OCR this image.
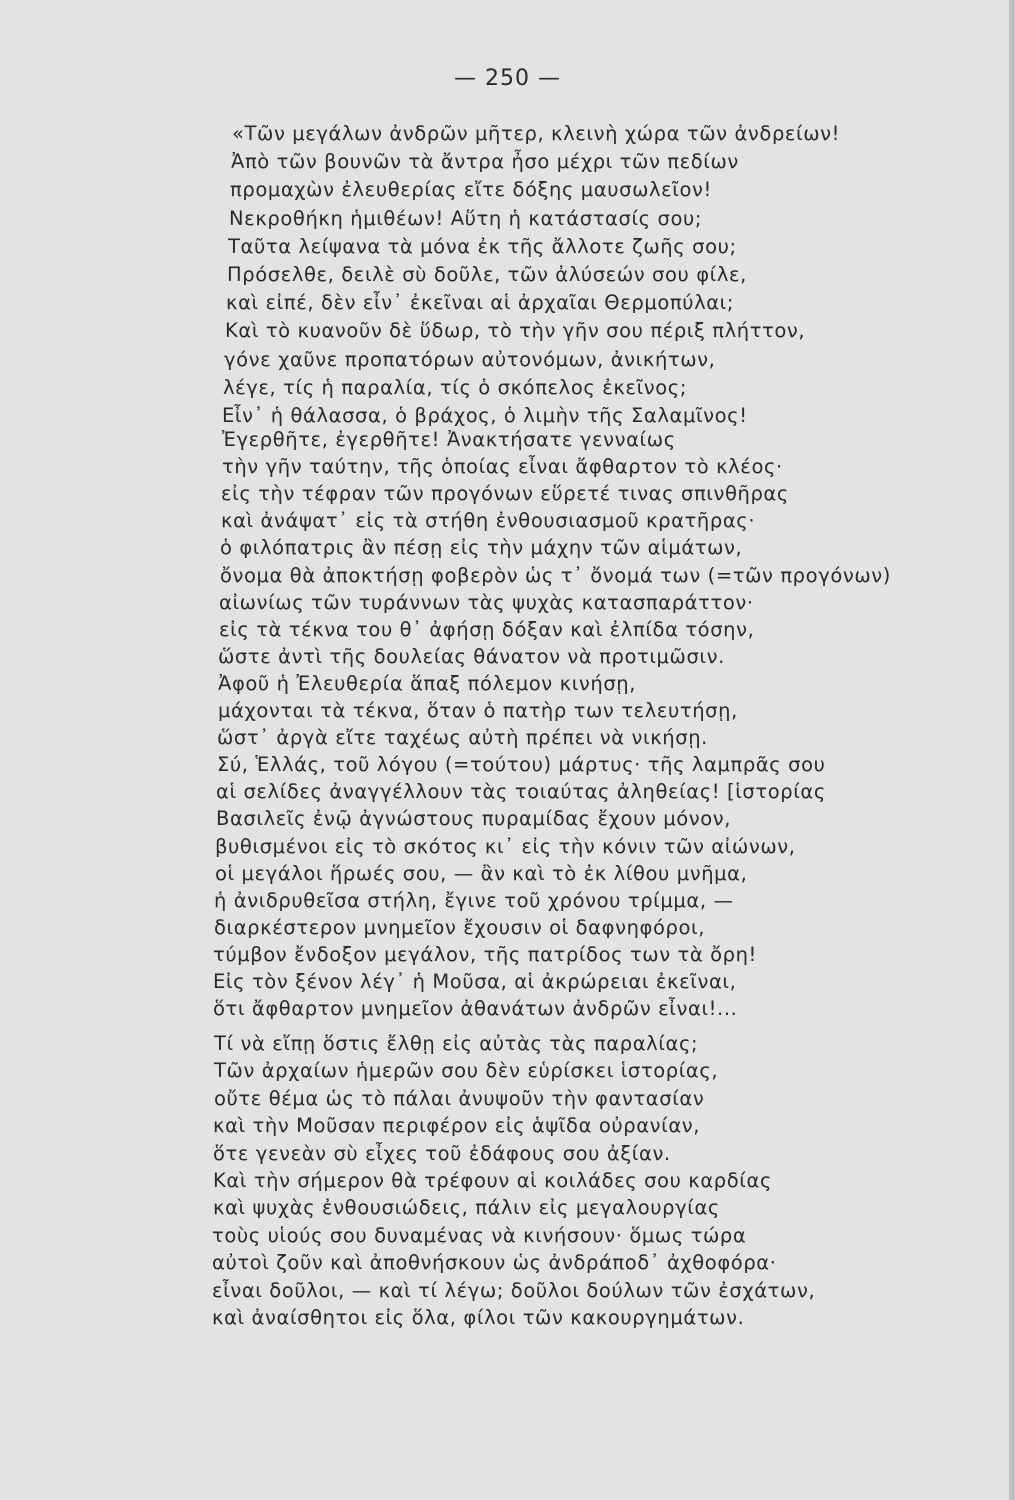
— 250 —
«Τῶν μεγάλων ἀνδρῶν μῆτερ, κλεινὴ χώρα τῶν ἀνδρείων!
Ἀπὸ τῶν βουνῶν τὰ ἄντρα ἦσο μέχρι τῶν πεδίων
προμαχὼν ἐλευθερίας εἴτε δόξης μαυσωλεῖον!
Νεκροθήκη ἡμιθέων! Αὕτη ἡ κατάστασίς σου;
Ταῦτα λείψανα τὰ μόνα ἐκ τῆς ἄλλοτε ζωῆς σου;
Πρόσελθε, δειλὲ σὺ δοῦλε, τῶν ἀλύσεών σου φίλε,
καὶ εἰπέ, δὲν εἶν᾽ ἐκεῖναι αἱ ἀρχαῖαι Θερμοπύλαι;
Καὶ τὸ κυανοῦν δὲ ὕδωρ, τὸ τὴν γῆν σου πέριξ πλήττον,
γόνε χαῦνε προπατόρων αὐτονόμων, ἀνικήτων,
λέγε, τίς ἡ παραλία, τίς ὁ σκόπελος ἐκεῖνος;
Εἶν᾽ ἡ θάλασσα, ὁ βράχος, ὁ λιμὴν τῆς Σαλαμῖνος!
Ἐγερθῆτε, ἐγερθῆτε! Ἀνακτήσατε γενναίως
τὴν γῆν ταύτην, τῆς ὁποίας εἶναι ἄφθαρτον τὸ κλέος·
εἰς τὴν τέφραν τῶν προγόνων εὕρετέ τινας σπινθῆρας
καὶ ἀνάψατ᾽ εἰς τὰ στήθη ἐνθουσιασμοῦ κρατῆρας·
ὁ φιλόπατρις ἂν πέσῃ εἰς τὴν μάχην τῶν αἱμάτων,
ὄνομα θὰ ἀποκτήσῃ φοβερὸν ὡς τ᾽ ὄνομά των (=τῶν προγόνων)
αἰωνίως τῶν τυράννων τὰς ψυχὰς κατασπαράττον·
εἰς τὰ τέκνα του θ᾽ ἀφήσῃ δόξαν καὶ ἐλπίδα τόσην,
ὥστε ἀντὶ τῆς δουλείας θάνατον νὰ προτιμῶσιν.
Ἀφοῦ ἡ Ἐλευθερία ἅπαξ πόλεμον κινήσῃ,
μάχονται τὰ τέκνα, ὅταν ὁ πατὴρ των τελευτήσῃ,
ὥστ᾽ ἀργὰ εἴτε ταχέως αὐτὴ πρέπει νὰ νικήσῃ.
Σύ, Ἑλλάς, τοῦ λόγου (=τούτου) μάρτυς· τῆς λαμπρᾶς σου
αἱ σελίδες ἀναγγέλλουν τὰς τοιαύτας ἀληθείας! [ἱστορίας
Βασιλεῖς ἐνῷ ἀγνώστους πυραμίδας ἔχουν μόνον,
βυθισμένοι εἰς τὸ σκότος κι᾽ εἰς τὴν κόνιν τῶν αἰώνων,
οἱ μεγάλοι ἥρωές σου, — ἂν καὶ τὸ ἐκ λίθου μνῆμα,
ἡ ἀνιδρυθεῖσα στήλη, ἔγινε τοῦ χρόνου τρίμμα, —
διαρκέστερον μνημεῖον ἔχουσιν οἱ δαφνηφόροι,
τύμβον ἔνδοξον μεγάλον, τῆς πατρίδος των τὰ ὄρη!
Εἰς τὸν ξένον λέγ᾽ ἡ Μοῦσα, αἱ ἀκρώρειαι ἐκεῖναι,
ὅτι ἄφθαρτον μνημεῖον ἀθανάτων ἀνδρῶν εἶναι!...
Τί νὰ εἴπῃ ὅστις ἔλθῃ εἰς αὐτὰς τὰς παραλίας;
Τῶν ἀρχαίων ἡμερῶν σου δὲν εὑρίσκει ἱστορίας,
οὔτε θέμα ὡς τὸ πάλαι ἀνυψοῦν τὴν φαντασίαν
καὶ τὴν Μοῦσαν περιφέρον εἰς ἁψῖδα οὐρανίαν,
ὅτε γενεὰν σὺ εἶχες τοῦ ἐδάφους σου ἀξίαν.
Καὶ τὴν σήμερον θὰ τρέφουν αἱ κοιλάδες σου καρδίας
καὶ ψυχὰς ἐνθουσιώδεις, πάλιν εἰς μεγαλουργίας
τοὺς υἱούς σου δυναμένας νὰ κινήσουν· ὅμως τώρα
αὐτοὶ ζοῦν καὶ ἀποθνήσκουν ὡς ἀνδράποδ᾽ ἀχθοφόρα·
εἶναι δοῦλοι, — καὶ τί λέγω; δοῦλοι δούλων τῶν ἐσχάτων,
καὶ ἀναίσθητοι εἰς ὅλα, φίλοι τῶν κακουργημάτων.
